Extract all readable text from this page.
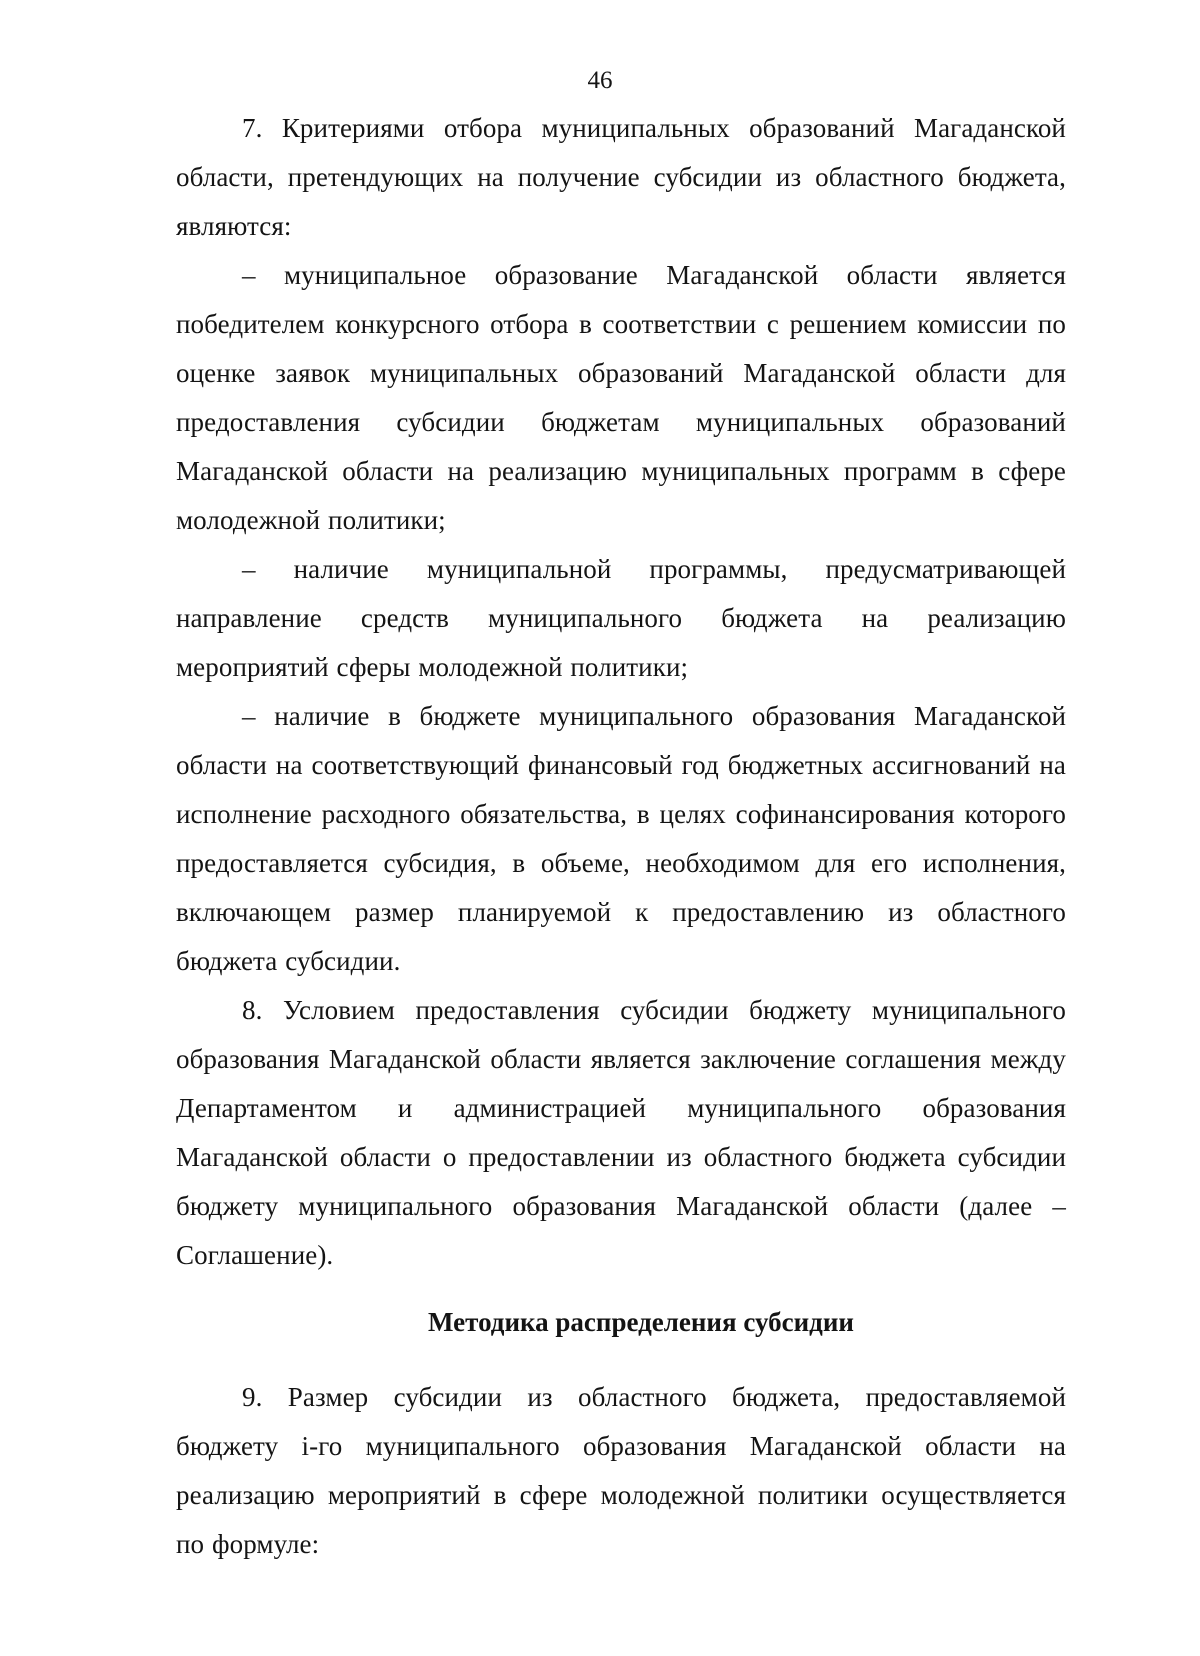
46

7. Критериями отбора муниципальных образований Магаданской области, претендующих на получение субсидии из областного бюджета, являются:

– муниципальное образование Магаданской области является победителем конкурсного отбора в соответствии с решением комиссии по оценке заявок муниципальных образований Магаданской области для предоставления субсидии бюджетам муниципальных образований Магаданской области на реализацию муниципальных программ в сфере молодежной политики;

– наличие муниципальной программы, предусматривающей направление средств муниципального бюджета на реализацию мероприятий сферы молодежной политики;

– наличие в бюджете муниципального образования Магаданской области на соответствующий финансовый год бюджетных ассигнований на исполнение расходного обязательства, в целях софинансирования которого предоставляется субсидия, в объеме, необходимом для его исполнения, включающем размер планируемой к предоставлению из областного бюджета субсидии.

8. Условием предоставления субсидии бюджету муниципального образования Магаданской области является заключение соглашения между Департаментом и администрацией муниципального образования Магаданской области о предоставлении из областного бюджета субсидии бюджету муниципального образования Магаданской области (далее – Соглашение).

Методика распределения субсидии

9. Размер субсидии из областного бюджета, предоставляемой бюджету i-го муниципального образования Магаданской области на реализацию мероприятий в сфере молодежной политики осуществляется по формуле:
